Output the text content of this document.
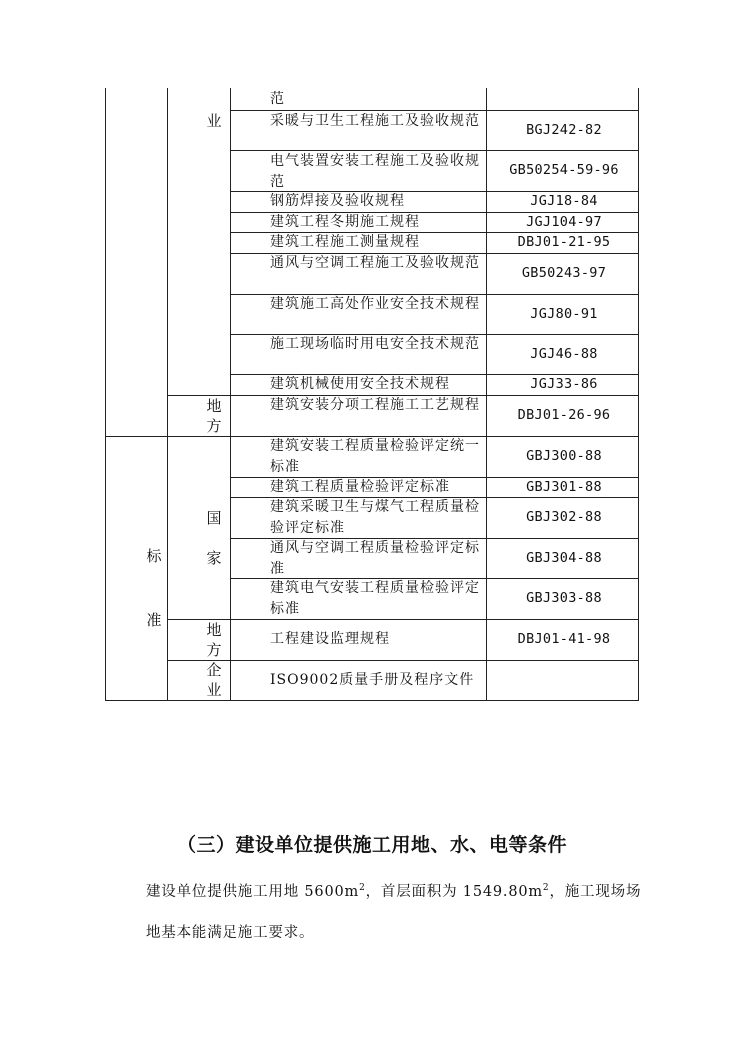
业
地
方
标
准
国
家
地
方
企
业
范
采暖与卫生工程施工及验收规范
电气装置安装工程施工及验收规范
钢筋焊接及验收规程
建筑工程冬期施工规程
建筑工程施工测量规程
通风与空调工程施工及验收规范
建筑施工高处作业安全技术规程
施工现场临时用电安全技术规范
建筑机械使用安全技术规程
建筑安装分项工程施工工艺规程
建筑安装工程质量检验评定统一标准
建筑工程质量检验评定标准
建筑采暖卫生与煤气工程质量检验评定标准
通风与空调工程质量检验评定标准
建筑电气安装工程质量检验评定标准
工程建设监理规程
ISO9002质量手册及程序文件
BGJ242-82
GB50254-59-96
JGJ18-84
JGJ104-97
DBJ01-21-95
GB50243-97
JGJ80-91
JGJ46-88
JGJ33-86
DBJ01-26-96
GBJ300-88
GBJ301-88
GBJ302-88
GBJ304-88
GBJ303-88
DBJ01-41-98
（三）建设单位提供施工用地、水、电等条件
建设单位提供施工用地 $5600m^2$，首层面积为 $1549.80m^2$，施工现场场
地基本能满足施工要求。
